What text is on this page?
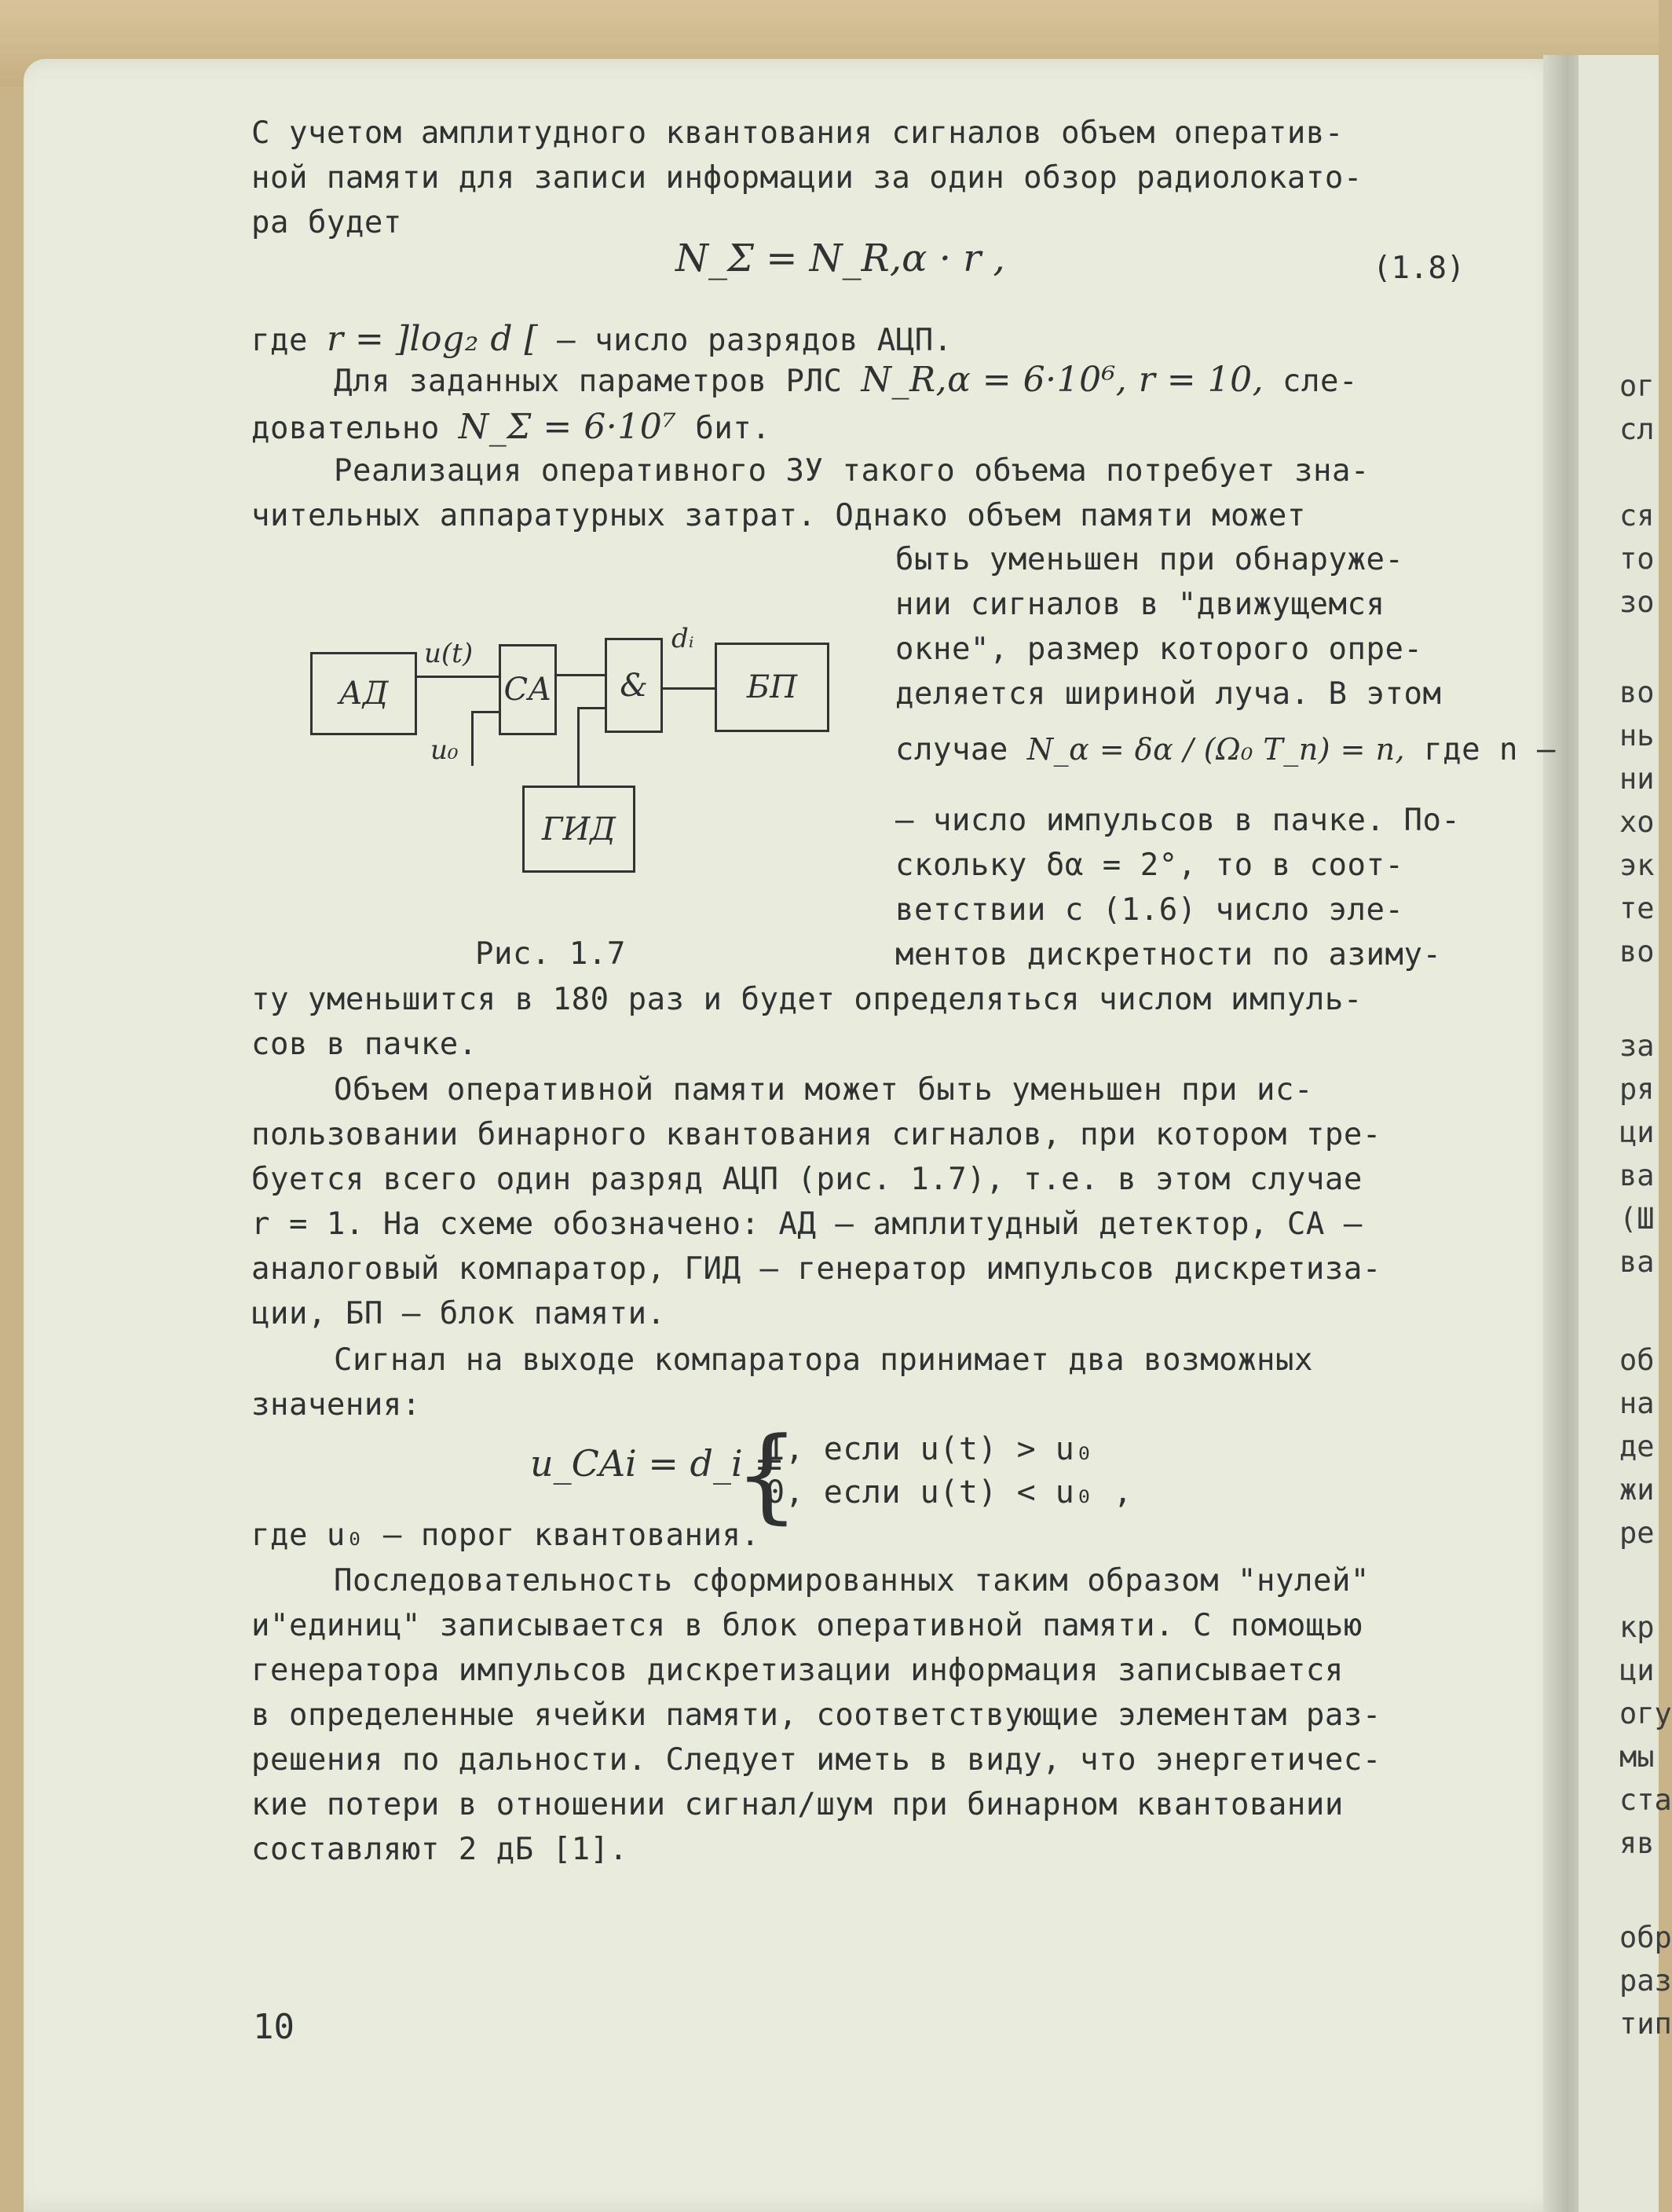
С учетом амплитудного квантования сигналов объем оператив-
ной памяти для записи информации за один обзор радиолокато-
ра будет
N_Σ = N_R,α · r ,	(1.8)
где r = ]log₂ d [ – число разрядов АЦП.
Для заданных параметров РЛС N_R,α = 6·10⁶, r = 10, сле-
довательно N_Σ = 6·10⁷ бит.
Реализация оперативного ЗУ такого объема потребует зна-
чительных аппаратурных затрат. Однако объем памяти может
быть уменьшен при обнаруже-
нии сигналов в "движущемся
окне", размер которого опре-
деляется шириной луча. В этом
случае N_α = δα / (Ω₀ T_п) = n, где n –
– число импульсов в пачке. По-
скольку δα = 2°, то в соот-
ветствии с (1.6) число эле-
ментов дискретности по азиму-
АД	СА	&	БП
ГИД
u(t)
u₀
dᵢ
Рис. 1.7
ту уменьшится в 180 раз и будет определяться числом импуль-
сов в пачке.
Объем оперативной памяти может быть уменьшен при ис-
пользовании бинарного квантования сигналов, при котором тре-
буется всего один разряд АЦП (рис. 1.7), т.е. в этом случае
r = 1. На схеме обозначено: АД – амплитудный детектор, СА –
аналоговый компаратор, ГИД – генератор импульсов дискретиза-
ции, БП – блок памяти.
Сигнал на выходе компаратора принимает два возможных
значения:
u_CAi = d_i =
{
1, если u(t) > u₀
0, если u(t) < u₀ ,
где u₀ – порог квантования.
Последовательность сформированных таким образом "нулей"
и"единиц" записывается в блок оперативной памяти. С помощью
генератора импульсов дискретизации информация записывается
в определенные ячейки памяти, соответствующие элементам раз-
решения по дальности. Следует иметь в виду, что энергетичес-
кие потери в отношении сигнал/шум при бинарном квантовании
составляют 2 дБ [1].
10
ог
сл
ся
то
зо
во
нь
ни
хо
эк
те
во
за
ря
ци
ва
(Ш
ва
об
на
де
жи
ре
кр
ци
огу
мы
ста
яв
обр
раз
тип
